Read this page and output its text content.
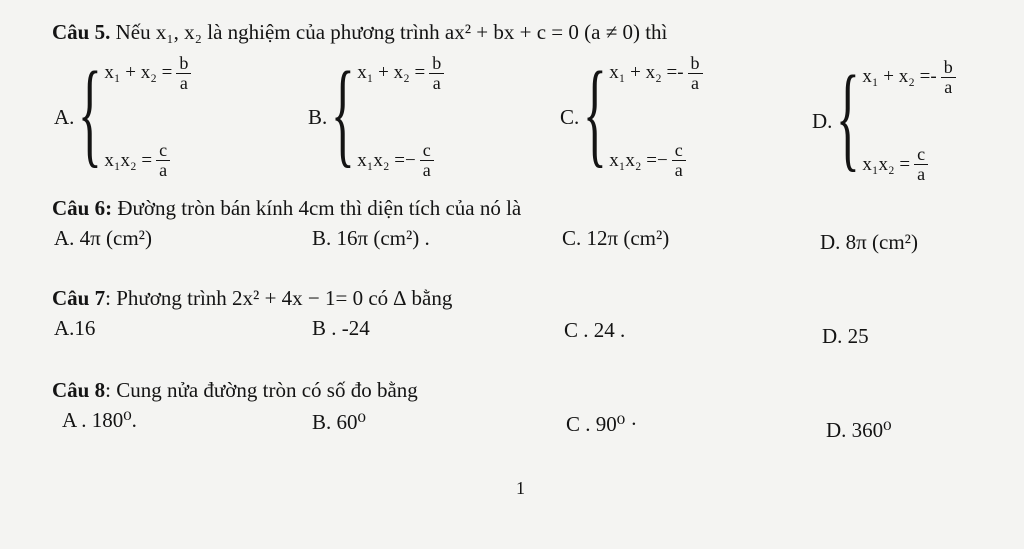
Câu 5. Nếu x₁, x₂ là nghiệm của phương trình ax² + bx + c = 0 (a ≠ 0) thì
A. { $x_1 + x_2 = \frac{b}{a}$
$x_1x_2 = \frac{c}{a}$
B. { $x_1 + x_2 = \frac{b}{a}$
x₁x₂ = − $\frac{c}{a}$
C. { x₁ + x₂ = - $\frac{b}{a}$
x₁x₂ = − $\frac{c}{a}$
D. { x₁ + x₂ = - $\frac{b}{a}$
$x_1x_2 = \frac{c}{a}$
Câu 6: Đường tròn bán kính 4cm thì diện tích của nó là
A. 4π (cm²)	B. 16π (cm²) .	C. 12π (cm²)	D. 8π (cm²)
Câu 7: Phương trình 2x² + 4x − 1= 0 có ∆ bằng
A.16	B . -24	C . 24 .	D. 25
Câu 8: Cung nửa đường tròn có số đo bằng
A . 180⁰.	B. 60⁰	C . 90⁰ ·	D. 360⁰
1
